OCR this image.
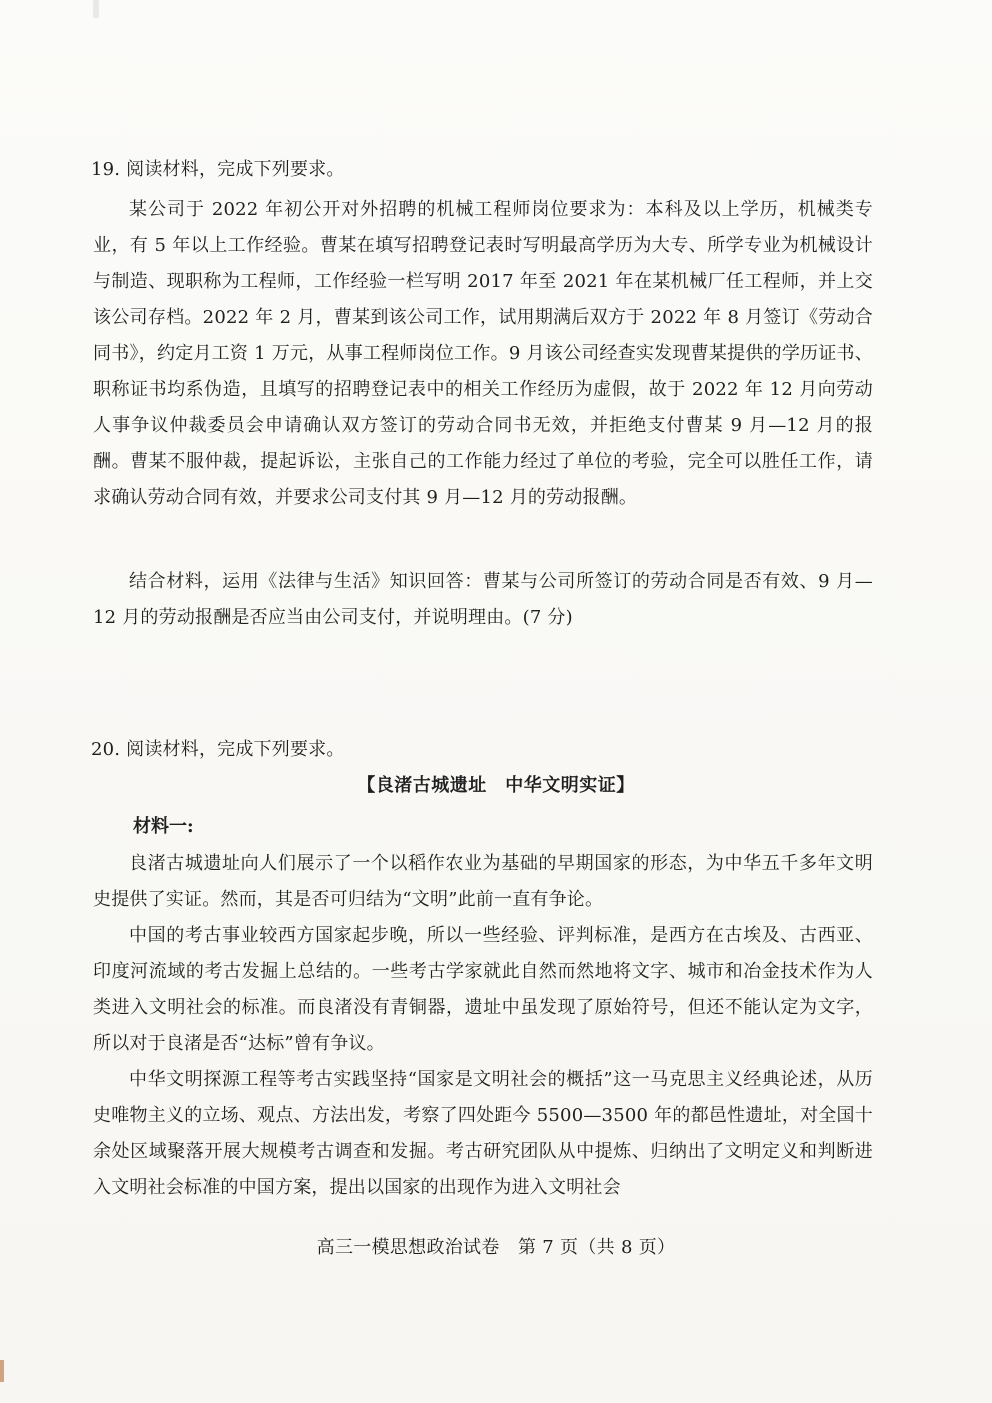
19. 阅读材料，完成下列要求。

某公司于 2022 年初公开对外招聘的机械工程师岗位要求为：本科及以上学历，机械类专业，有 5 年以上工作经验。曹某在填写招聘登记表时写明最高学历为大专、所学专业为机械设计与制造、现职称为工程师，工作经验一栏写明 2017 年至 2021 年在某机械厂任工程师，并上交该公司存档。2022 年 2 月，曹某到该公司工作，试用期满后双方于 2022 年 8 月签订《劳动合同书》，约定月工资 1 万元，从事工程师岗位工作。9 月该公司经查实发现曹某提供的学历证书、职称证书均系伪造，且填写的招聘登记表中的相关工作经历为虚假，故于 2022 年 12 月向劳动人事争议仲裁委员会申请确认双方签订的劳动合同书无效，并拒绝支付曹某 9 月—12 月的报酬。曹某不服仲裁，提起诉讼，主张自己的工作能力经过了单位的考验，完全可以胜任工作，请求确认劳动合同有效，并要求公司支付其 9 月—12 月的劳动报酬。

结合材料，运用《法律与生活》知识回答：曹某与公司所签订的劳动合同是否有效、9 月—12 月的劳动报酬是否应当由公司支付，并说明理由。(7 分)

20. 阅读材料，完成下列要求。
【良渚古城遗址　中华文明实证】
材料一:

良渚古城遗址向人们展示了一个以稻作农业为基础的早期国家的形态，为中华五千多年文明史提供了实证。然而，其是否可归结为“文明”此前一直有争论。

中国的考古事业较西方国家起步晚，所以一些经验、评判标准，是西方在古埃及、古西亚、印度河流域的考古发掘上总结的。一些考古学家就此自然而然地将文字、城市和冶金技术作为人类进入文明社会的标准。而良渚没有青铜器，遗址中虽发现了原始符号，但还不能认定为文字，所以对于良渚是否“达标”曾有争议。

中华文明探源工程等考古实践坚持“国家是文明社会的概括”这一马克思主义经典论述，从历史唯物主义的立场、观点、方法出发，考察了四处距今 5500—3500 年的都邑性遗址，对全国十余处区域聚落开展大规模考古调查和发掘。考古研究团队从中提炼、归纳出了文明定义和判断进入文明社会标准的中国方案，提出以国家的出现作为进入文明社会

高三一模思想政治试卷　第 7 页（共 8 页）
